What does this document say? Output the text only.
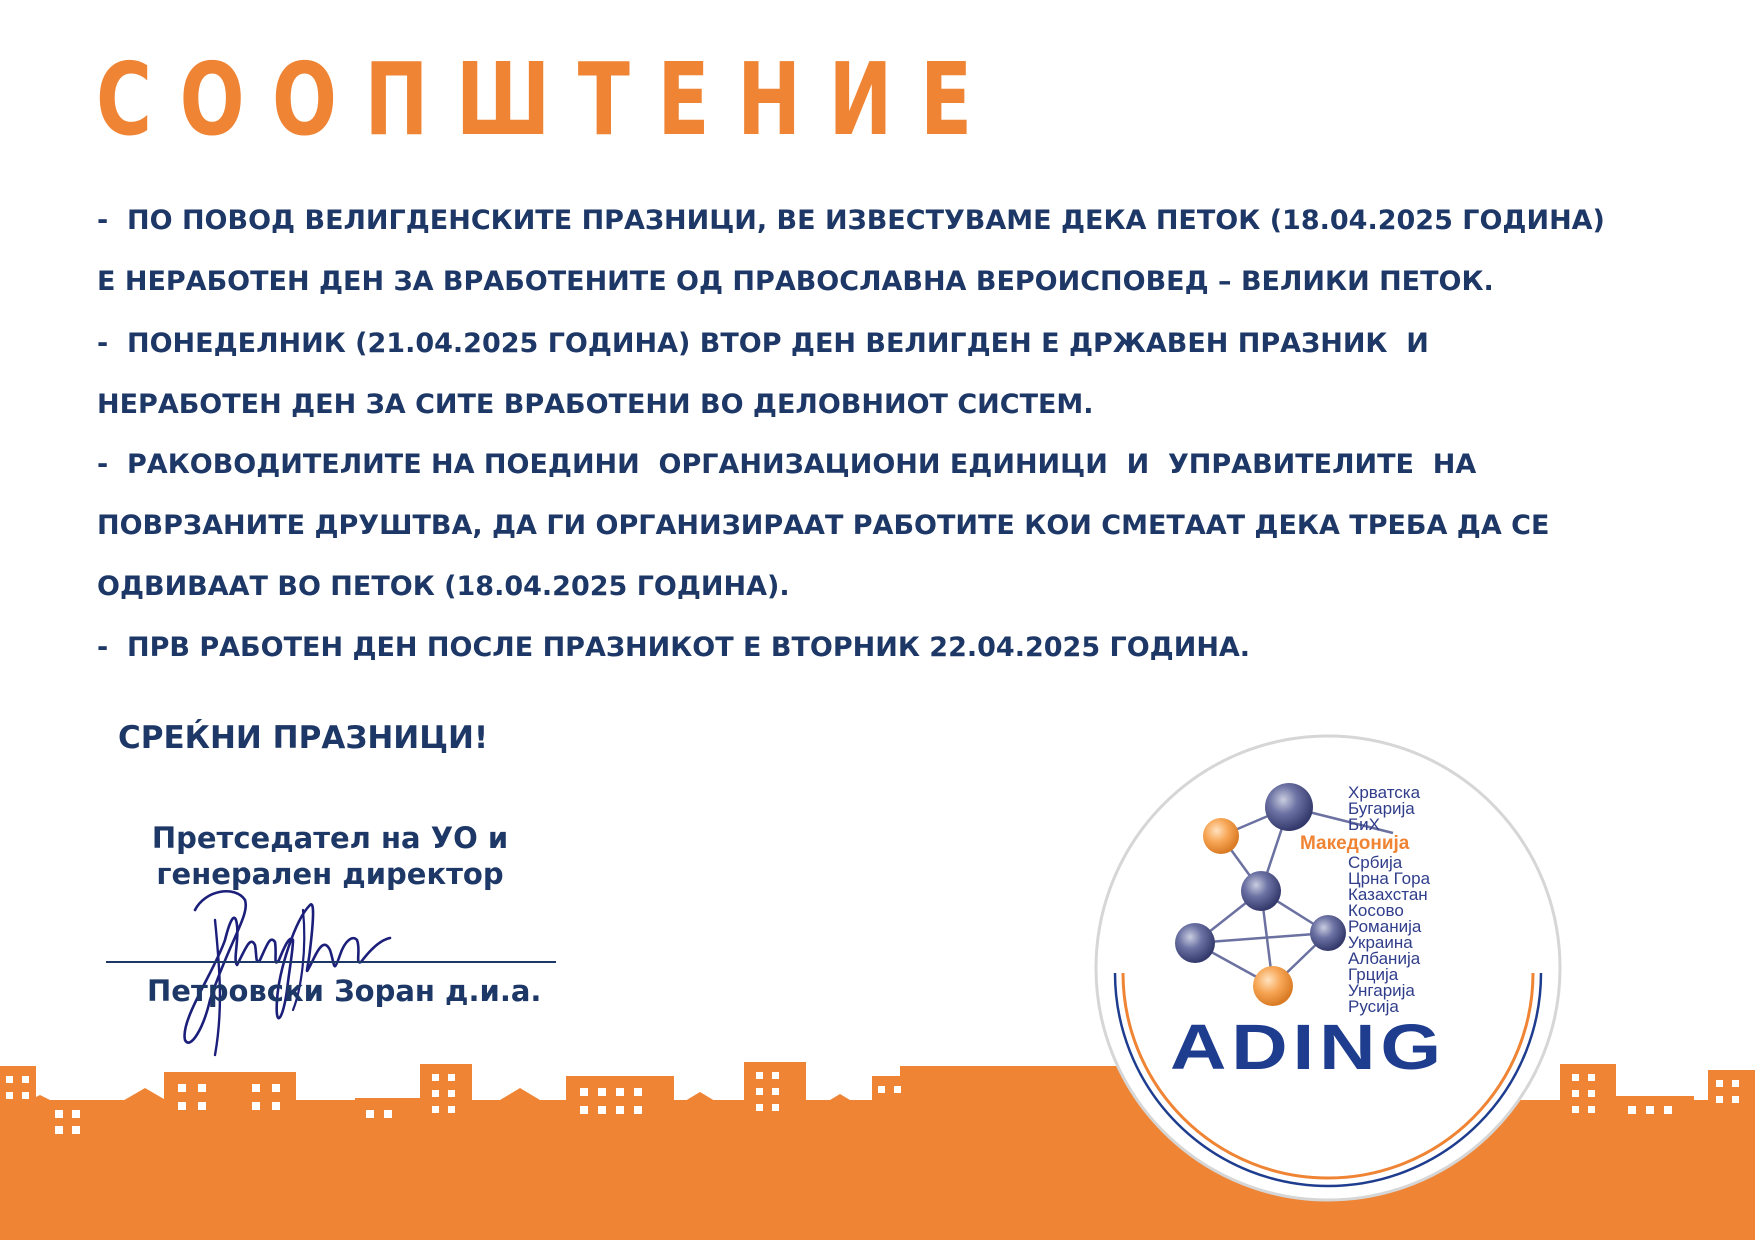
СООПШТЕНИЕ

-  ПО ПОВОД ВЕЛИГДЕНСКИТЕ ПРАЗНИЦИ, ВЕ ИЗВЕСТУВАМЕ ДЕКА ПЕТОК (18.04.2025 ГОДИНА)

Е НЕРАБОТЕН ДЕН ЗА ВРАБОТЕНИТЕ ОД ПРАВОСЛАВНА ВЕРОИСПОВЕД – ВЕЛИКИ ПЕТОК.

-  ПОНЕДЕЛНИК (21.04.2025 ГОДИНА) ВТОР ДЕН ВЕЛИГДЕН Е ДРЖАВЕН ПРАЗНИК  И

НЕРАБОТЕН ДЕН ЗА СИТЕ ВРАБОТЕНИ ВО ДЕЛОВНИОТ СИСТЕМ.

-  РАКОВОДИТЕЛИТЕ НА ПОЕДИНИ  ОРГАНИЗАЦИОНИ ЕДИНИЦИ  И  УПРАВИТЕЛИТЕ  НА

ПОВРЗАНИТЕ ДРУШТВА, ДА ГИ ОРГАНИЗИРААТ РАБОТИТЕ КОИ СМЕТААТ ДЕКА ТРЕБА ДА СЕ

ОДВИВААТ ВО ПЕТОК (18.04.2025 ГОДИНА).

-  ПРВ РАБОТЕН ДЕН ПОСЛЕ ПРАЗНИКОТ Е ВТОРНИК 22.04.2025 ГОДИНА.

СРЕЌНИ ПРАЗНИЦИ!

Претседател на УО и
генерален директор

Петровски Зоран д.и.а.

Хрватска
Бугарија
БиХ
Македонија
Србија
Црна Гора
Казахстан
Косово
Романија
Украина
Албанија
Грција
Унгарија
Русија
ADING
